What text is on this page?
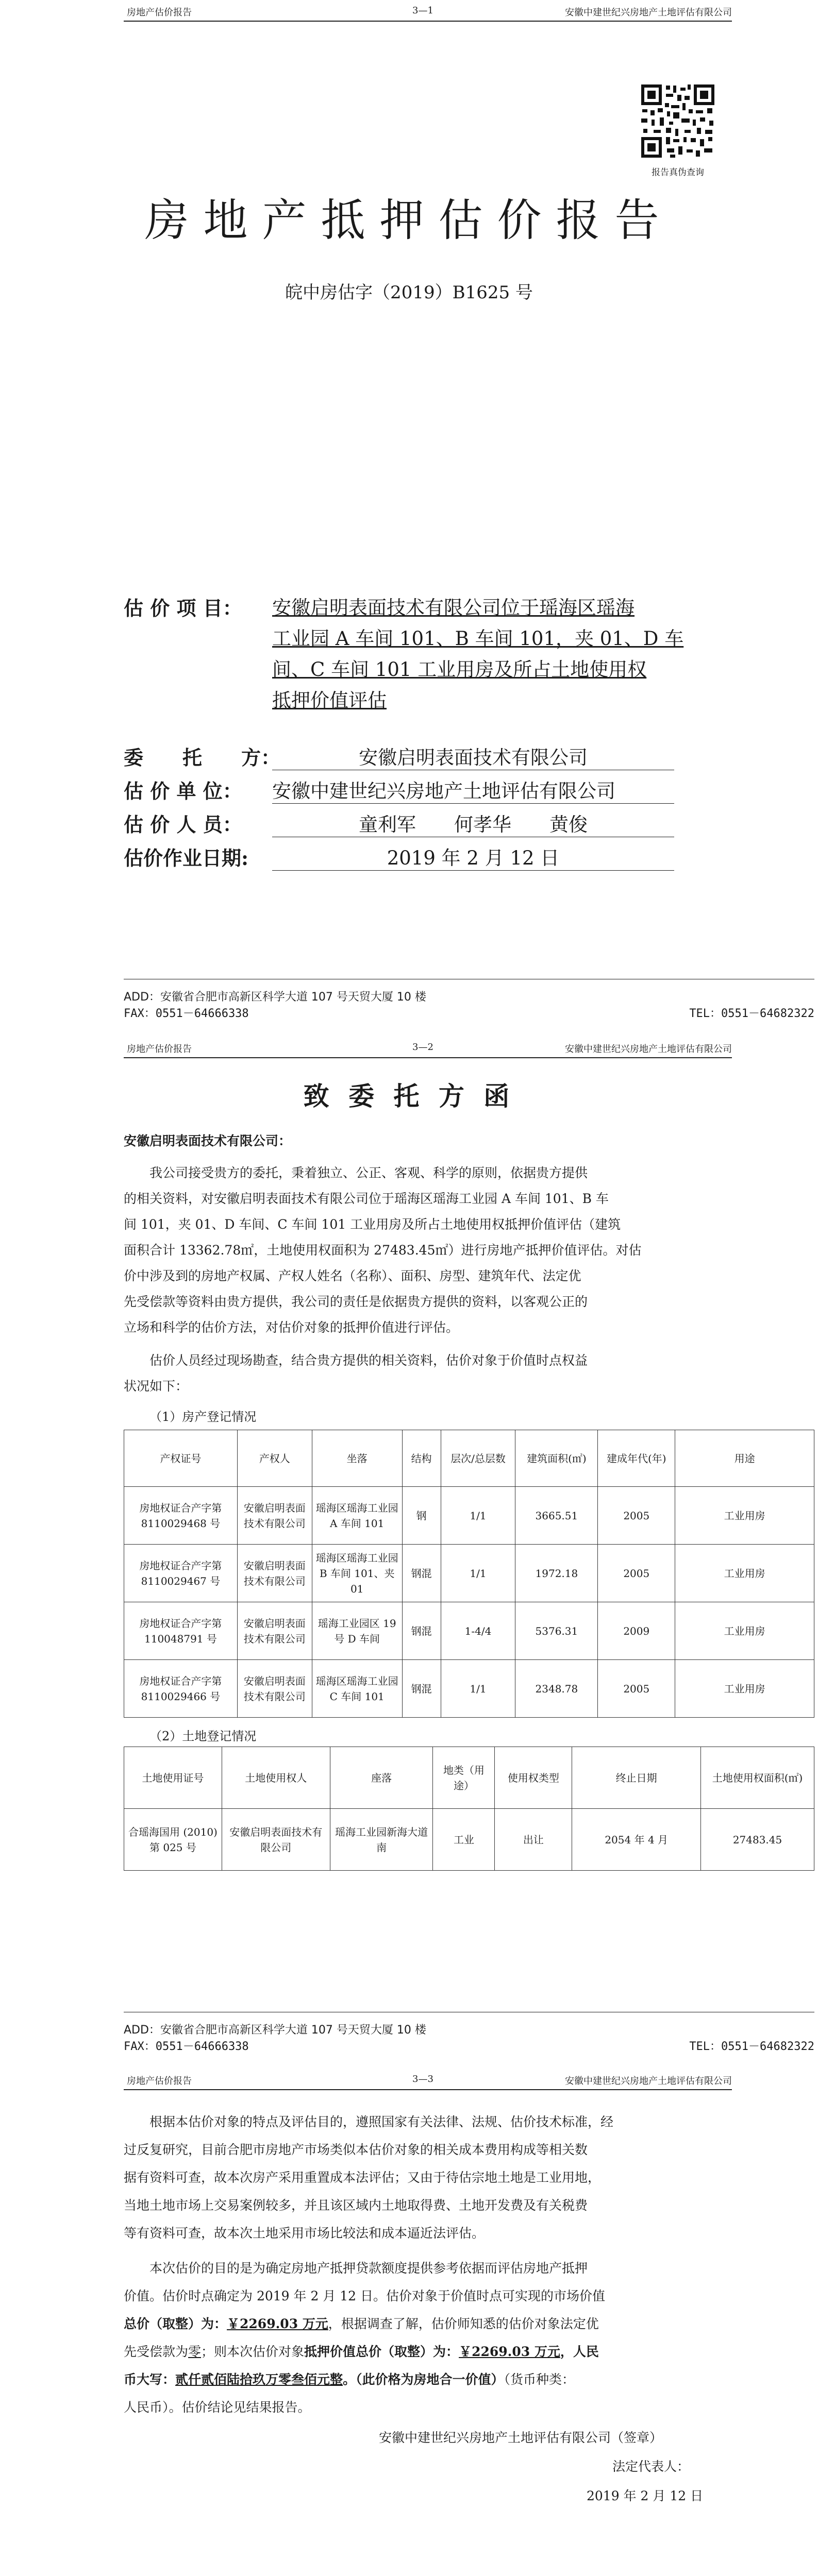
房地产估价报告	3—1	安徽中建世纪兴房地产土地评估有限公司
报告真伪查询
房地产抵押估价报告
皖中房估字（2019）B1625 号
估 价 项 目： 安徽启明表面技术有限公司位于瑶海区瑶海
工业园 A 车间 101、B 车间 101，夹 01、D 车
间、C 车间 101 工业用房及所占土地使用权
抵押价值评估
委　　托　　方：	安徽启明表面技术有限公司
估 价 单 位： 安徽中建世纪兴房地产土地评估有限公司
估 价 人 员：	童利军　　何孝华　　黄俊
估价作业日期:	2019 年 2 月 12 日
ADD：安徽省合肥市高新区科学大道 107 号天贸大厦 10 楼
FAX：0551－64666338	TEL：0551－64682322
房地产估价报告	3—2	安徽中建世纪兴房地产土地评估有限公司
致 委 托 方 函
安徽启明表面技术有限公司：
我公司接受贵方的委托，秉着独立、公正、客观、科学的原则，依据贵方提供
的相关资料，对安徽启明表面技术有限公司位于瑶海区瑶海工业园 A 车间 101、B 车
间 101，夹 01、D 车间、C 车间 101 工业用房及所占土地使用权抵押价值评估（建筑
面积合计 13362.78㎡，土地使用权面积为 27483.45㎡）进行房地产抵押价值评估。对估
价中涉及到的房地产权属、产权人姓名（名称）、面积、房型、建筑年代、法定优
先受偿款等资料由贵方提供，我公司的责任是依据贵方提供的资料，以客观公正的
立场和科学的估价方法，对估价对象的抵押价值进行评估。
估价人员经过现场勘查，结合贵方提供的相关资料，估价对象于价值时点权益
状况如下：
（1）房产登记情况
产权证号	产权人	坐落	结构	层次/总层数	建筑面积(㎡)	建成年代(年)	用途
房地权证合产字第 8110029468 号	安徽启明表面技术有限公司	瑶海区瑶海工业园 A 车间 101	钢	1/1	3665.51	2005	工业用房
房地权证合产字第 8110029467 号	安徽启明表面技术有限公司	瑶海区瑶海工业园 B 车间 101、夹 01	钢混	1/1	1972.18	2005	工业用房
房地权证合产字第 110048791 号	安徽启明表面技术有限公司	瑶海工业园区 19 号 D 车间	钢混	1-4/4	5376.31	2009	工业用房
房地权证合产字第 8110029466 号	安徽启明表面技术有限公司	瑶海区瑶海工业园 C 车间 101	钢混	1/1	2348.78	2005	工业用房
（2）土地登记情况
土地使用证号	土地使用权人	座落	地类（用途）	使用权类型	终止日期	土地使用权面积(㎡)
合瑶海国用 (2010) 第 025 号	安徽启明表面技术有限公司	瑶海工业园新海大道南	工业	出让	2054 年 4 月	27483.45
ADD：安徽省合肥市高新区科学大道 107 号天贸大厦 10 楼
FAX：0551－64666338	TEL：0551－64682322
房地产估价报告	3—3	安徽中建世纪兴房地产土地评估有限公司
根据本估价对象的特点及评估目的，遵照国家有关法律、法规、估价技术标准，经
过反复研究，目前合肥市房地产市场类似本估价对象的相关成本费用构成等相关数
据有资料可查，故本次房产采用重置成本法评估；又由于待估宗地土地是工业用地，
当地土地市场上交易案例较多，并且该区域内土地取得费、土地开发费及有关税费
等有资料可查，故本次土地采用市场比较法和成本逼近法评估。
本次估价的目的是为确定房地产抵押贷款额度提供参考依据而评估房地产抵押
价值。估价时点确定为 2019 年 2 月 12 日。估价对象于价值时点可实现的市场价值
总价（取整）为：￥2269.03 万元，根据调查了解，估价师知悉的估价对象法定优
先受偿款为零；则本次估价对象抵押价值总价（取整）为：￥2269.03 万元，人民
币大写：贰仟贰佰陆拾玖万零叁佰元整。（此价格为房地合一价值）（货币种类：
人民币）。估价结论见结果报告。
安徽中建世纪兴房地产土地评估有限公司（签章）
法定代表人：
2019 年 2 月 12 日
